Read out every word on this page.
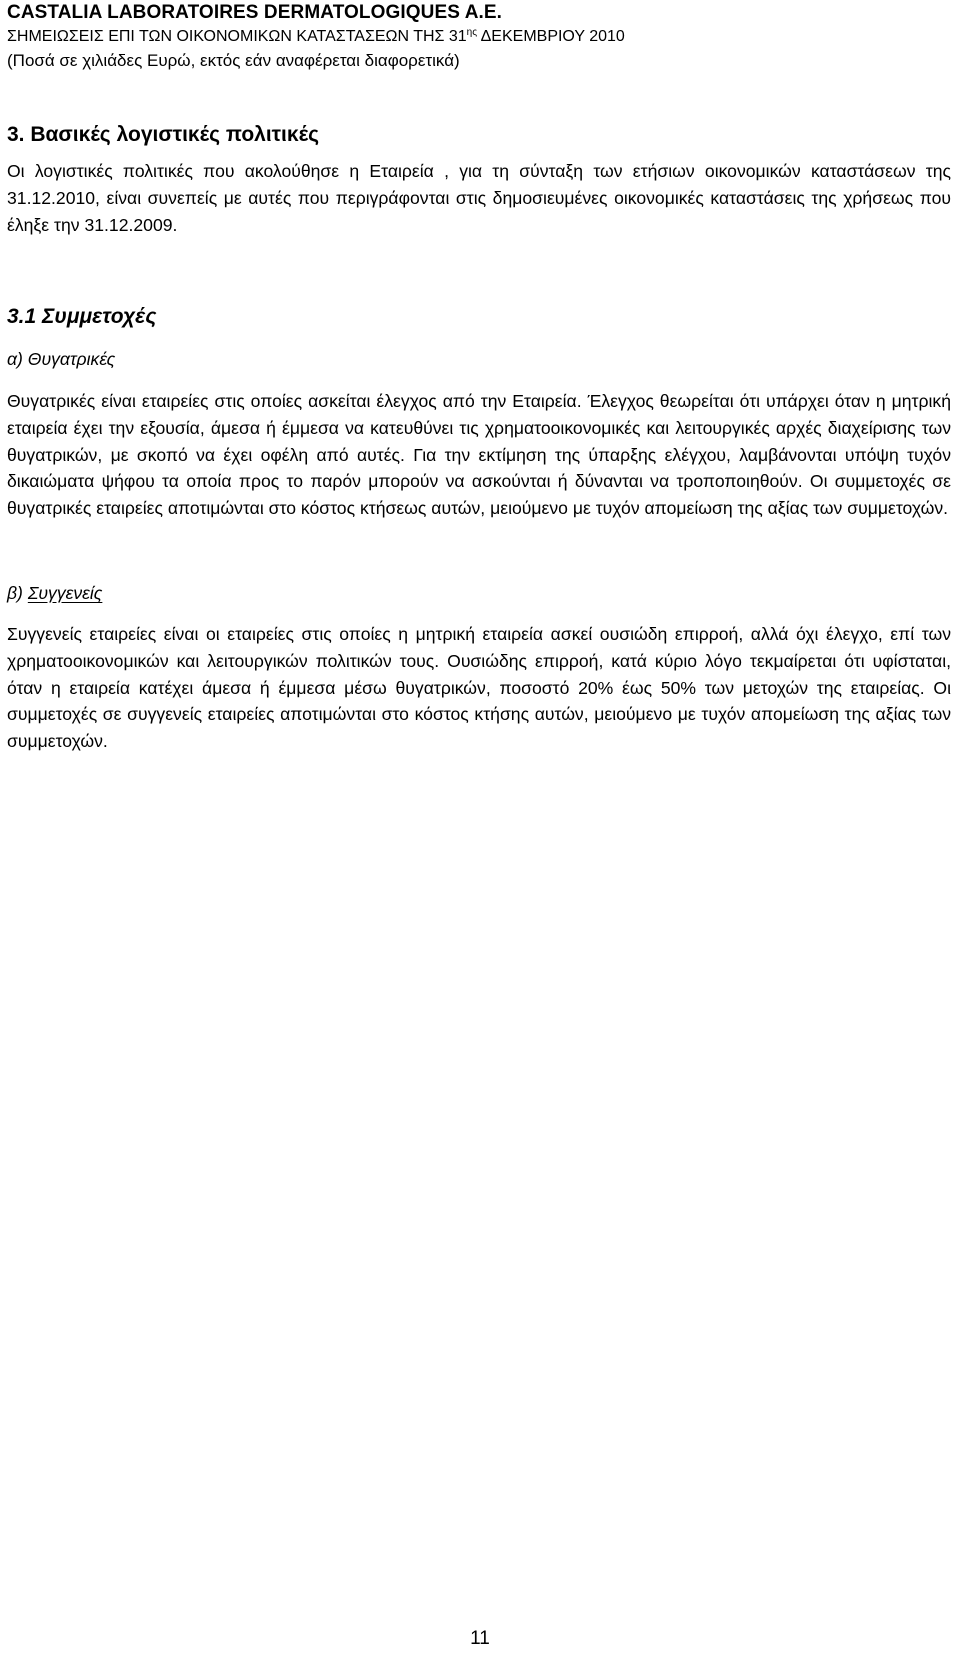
CASTALIA LABORATOIRES DERMATOLOGIQUES A.E.
ΣΗΜΕΙΩΣΕΙΣ ΕΠΙ ΤΩΝ ΟΙΚΟΝΟΜΙΚΩΝ ΚΑΤΑΣΤΑΣΕΩΝ ΤΗΣ $31^{\eta\varsigma}$ ΔΕΚΕΜΒΡΙΟΥ 2010
(Ποσά σε χιλιάδες Ευρώ, εκτός εάν αναφέρεται διαφορετικά)
3. Βασικές λογιστικές πολιτικές

Οι λογιστικές πολιτικές που ακολούθησε η Εταιρεία , για τη σύνταξη των ετήσιων οικονομικών καταστάσεων της 31.12.2010, είναι συνεπείς με αυτές που περιγράφονται στις δημοσιευμένες οικονομικές καταστάσεις της χρήσεως που έληξε την 31.12.2009.

3.1 Συμμετοχές
α) Θυγατρικές

Θυγατρικές είναι εταιρείες στις οποίες ασκείται έλεγχος από την Εταιρεία. Έλεγχος θεωρείται ότι υπάρχει όταν η μητρική εταιρεία έχει την εξουσία, άμεσα ή έμμεσα να κατευθύνει τις χρηματοοικονομικές και λειτουργικές αρχές διαχείρισης των θυγατρικών, με σκοπό να έχει οφέλη από αυτές. Για την εκτίμηση της ύπαρξης ελέγχου, λαμβάνονται υπόψη τυχόν δικαιώματα ψήφου τα οποία προς το παρόν μπορούν να ασκούνται ή δύνανται να τροποποιηθούν. Οι συμμετοχές σε θυγατρικές εταιρείες αποτιμώνται στο κόστος κτήσεως αυτών, μειούμενο με τυχόν απομείωση της αξίας των συμμετοχών.

β) Συγγενείς

Συγγενείς εταιρείες είναι οι εταιρείες στις οποίες η μητρική εταιρεία ασκεί ουσιώδη επιρροή, αλλά όχι έλεγχο, επί των χρηματοοικονομικών και λειτουργικών πολιτικών τους. Ουσιώδης επιρροή, κατά κύριο λόγο τεκμαίρεται ότι υφίσταται, όταν η εταιρεία κατέχει άμεσα ή έμμεσα μέσω θυγατρικών, ποσοστό 20% έως 50% των μετοχών της εταιρείας. Οι συμμετοχές σε συγγενείς εταιρείες αποτιμώνται στο κόστος κτήσης αυτών, μειούμενο με τυχόν απομείωση της αξίας των συμμετοχών.

11
